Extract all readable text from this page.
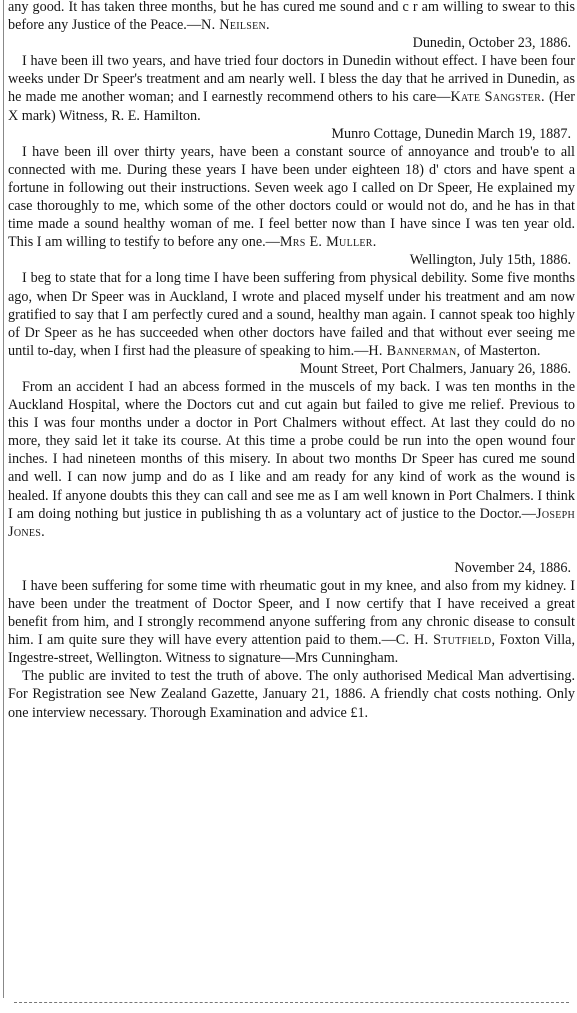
any good. It has taken three months, but he has cured me sound and c r am willing to swear to this before any Justice of the Peace.—N. Neilsen.

Dunedin, October 23, 1886.

I have been ill two years, and have tried four doctors in Dunedin without effect. I have been four weeks under Dr Speer's treatment and am nearly well. I bless the day that he arrived in Dunedin, as he made me another woman; and I earnestly recommend others to his care—Kate Sangster. (Her X mark) Witness, R. E. Hamilton.

Munro Cottage, Dunedin March 19, 1887.

I have been ill over thirty years, have been a constant source of annoyance and troub'e to all connected with me. During these years I have been under eighteen 18) d' ctors and have spent a fortune in following out their instructions. Seven week ago I called on Dr Speer, He explained my case thoroughly to me, which some of the other doctors could or would not do, and he has in that time made a sound healthy woman of me. I feel better now than I have since I was ten year old. This I am willing to testify to before any one.—Mrs E. Muller.

Wellington, July 15th, 1886.

I beg to state that for a long time I have been suffering from physical debility. Some five months ago, when Dr Speer was in Auckland, I wrote and placed myself under his treatment and am now gratified to say that I am perfectly cured and a sound, healthy man again. I cannot speak too highly of Dr Speer as he has succeeded when other doctors have failed and that without ever seeing me until to-day, when I first had the pleasure of speaking to him.—H. Bannerman, of Masterton.

Mount Street, Port Chalmers, January 26, 1886.

From an accident I had an abcess formed in the muscels of my back. I was ten months in the Auckland Hospital, where the Doctors cut and cut again but failed to give me relief. Previous to this I was four months under a doctor in Port Chalmers without effect. At last they could do no more, they said let it take its course. At this time a probe could be run into the open wound four inches. I had nineteen months of this misery. In about two months Dr Speer has cured me sound and well. I can now jump and do as I like and am ready for any kind of work as the wound is healed. If anyone doubts this they can call and see me as I am well known in Port Chalmers. I think I am doing nothing but justice in publishing th as a voluntary act of justice to the Doctor.—Joseph Jones.

November 24, 1886.

I have been suffering for some time with rheumatic gout in my knee, and also from my kidney. I have been under the treatment of Doctor Speer, and I now certify that I have received a great benefit from him, and I strongly recommend anyone suffering from any chronic disease to consult him. I am quite sure they will have every attention paid to them.—C. H. Stutfield, Foxton Villa, Ingestre-street, Wellington. Witness to signature—Mrs Cunningham.

The public are invited to test the truth of above. The only authorised Medical Man advertising. For Registration see New Zealand Gazette, January 21, 1886. A friendly chat costs nothing. Only one interview necessary. Thorough Examination and advice £1.
